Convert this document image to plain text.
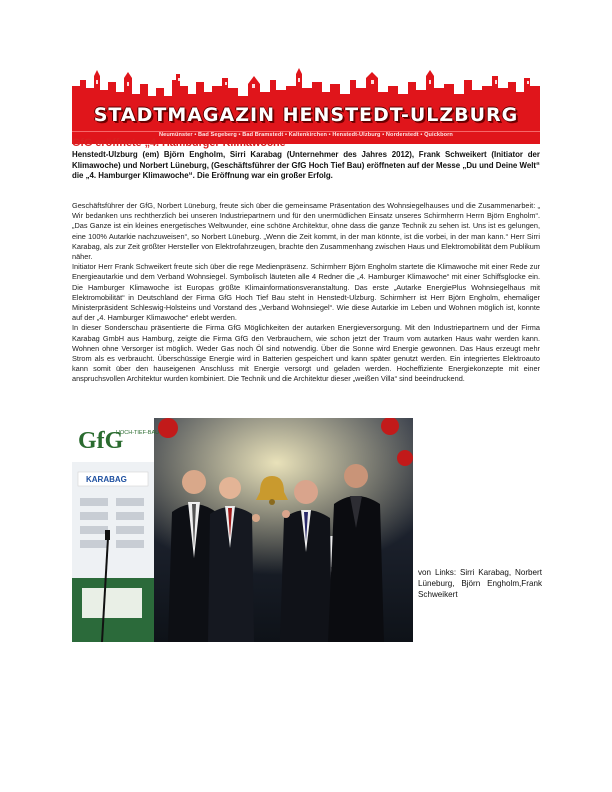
STADTMAGAZIN HENSTEDT-ULZBURG
Neumünster • Bad Segeberg • Bad Bramstedt • Kaltenkirchen • Henstedt-Ulzburg • Norderstedt • Quickborn
GfG eröffnete „4. Hamburger Klimawoche“

Henstedt-Ulzburg (em) Björn Engholm, Sirri Karabag (Unternehmer des Jahres 2012), Frank Schweikert (Initiator der Klimawoche) und Norbert Lüneburg, (Geschäftsführer der GfG Hoch Tief Bau) eröffneten auf der Messe „Du und Deine Welt“ die „4. Hamburger Klimawoche“. Die Eröffnung war ein großer Erfolg.

Geschäftsführer der GfG, Norbert Lüneburg, freute sich über die gemeinsame Präsentation des Wohnsiegelhauses und die Zusammenarbeit: „ Wir bedanken uns rechtherzlich bei unseren Industriepartnern und für den unermüdlichen Einsatz unseres Schirmherrn Herrn Björn Engholm“. „Das Ganze ist ein kleines energetisches Weltwunder, eine schöne Architektur, ohne dass die ganze Technik zu sehen ist. Uns ist es gelungen, eine 100% Autarkie nachzuweisen“, so Norbert Lüneburg. „Wenn die Zeit kommt, in der man könnte, ist die vorbei, in der man kann.“ Herr Sirri Karabag, als zur Zeit größter Hersteller von Elektrofahrzeugen, brachte den Zusammenhang zwischen Haus und Elektromobilität dem Publikum näher.

Initiator Herr Frank Schweikert freute sich über die rege Medienpräsenz. Schirmherr Björn Engholm startete die Klimawoche mit einer Rede zur Energieautarkie und dem Verband Wohnsiegel. Symbolisch läuteten alle 4 Redner die „4. Hamburger Klimawoche“ mit einer Schiffsglocke ein. Die Hamburger Klimawoche ist Europas größte Klimainformationsveranstaltung. Das erste „Autarke EnergiePlus Wohnsiegelhaus mit Elektromobilität“ in Deutschland der Firma GfG Hoch Tief Bau steht in Henstedt-Ulzburg. Schirmherr ist Herr Björn Engholm, ehemaliger Ministerpräsident Schleswig-Holsteins und Vorstand des „Verband Wohnsiegel“. Wie diese Autarkie im Leben und Wohnen möglich ist, konnte auf der „4. Hamburger Klimawoche“ erlebt werden.

In dieser Sonderschau präsentierte die Firma GfG Möglichkeiten der autarken Energieversorgung. Mit den Industriepartnern und der Firma Karabag GmbH aus Hamburg, zeigte die Firma GfG den Verbrauchern, wie schon jetzt der Traum vom autarken Haus wahr werden kann. Wohnen ohne Versorger ist möglich. Weder Gas noch Öl sind notwendig. Über die Sonne wird Energie gewonnen. Das Haus erzeugt mehr Strom als es verbraucht. Überschüssige Energie wird in Batterien gespeichert und kann später genutzt werden. Ein integriertes Elektroauto kann somit über den hauseigenen Anschluss mit Energie versorgt und geladen werden. Hocheffiziente Energiekonzepte mit einer anspruchsvollen Architektur wurden kombiniert. Die Technik und die Architektur dieser „weißen Villa“ sind beeindruckend.

GfG
HOCH-TIEF-BAU
KARABAG

von Links: Sirri Karabag, Norbert Lüneburg, Björn Engholm,Frank Schweikert
